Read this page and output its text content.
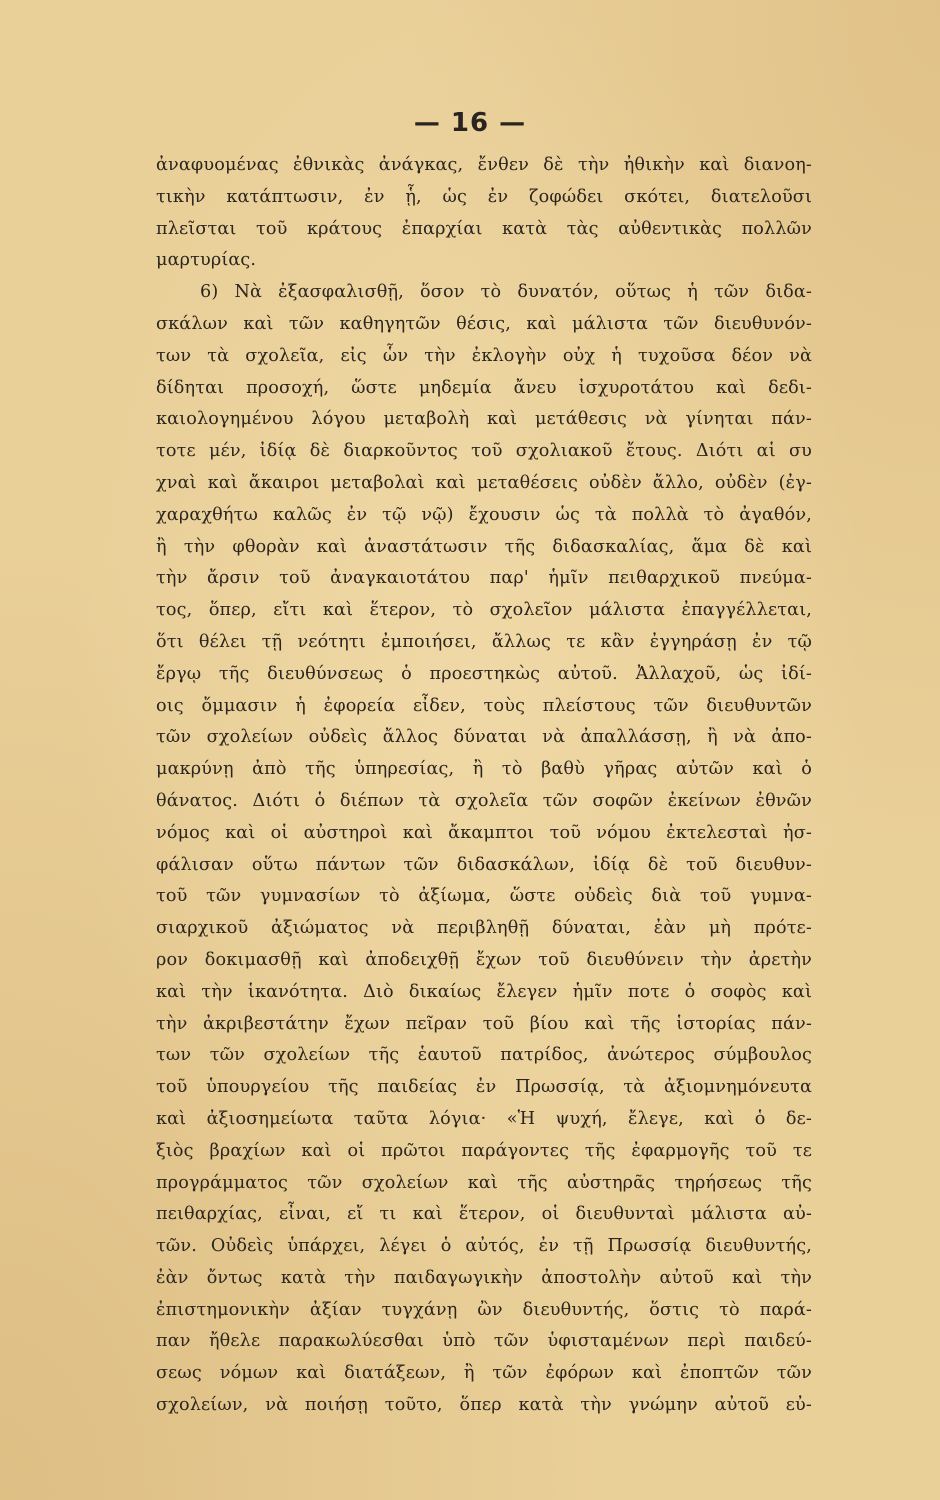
— 16 —
ἀναφυομένας ἐθνικὰς ἀνάγκας, ἔνθεν δὲ τὴν ἠθικὴν καὶ διανοη-
τικὴν κατάπτωσιν, ἐν ᾗ, ὡς ἐν ζοφώδει σκότει, διατελοῦσι
πλεῖσται τοῦ κράτους ἐπαρχίαι κατὰ τὰς αὐθεντικὰς πολλῶν
μαρτυρίας.
6) Νὰ ἐξασφαλισθῇ, ὅσον τὸ δυνατόν, οὕτως ἡ τῶν διδα-
σκάλων καὶ τῶν καθηγητῶν θέσις, καὶ μάλιστα τῶν διευθυνόν-
των τὰ σχολεῖα, εἰς ὧν τὴν ἐκλογὴν οὐχ ἡ τυχοῦσα δέον νὰ
δίδηται προσοχή, ὥστε μηδεμία ἄνευ ἰσχυροτάτου καὶ δεδι-
καιολογημένου λόγου μεταβολὴ καὶ μετάθεσις νὰ γίνηται πάν-
τοτε μέν, ἰδίᾳ δὲ διαρκοῦντος τοῦ σχολιακοῦ ἔτους. Διότι αἱ συ
χναὶ καὶ ἄκαιροι μεταβολαὶ καὶ μεταθέσεις οὐδὲν ἄλλο, οὐδὲν (ἐγ-
χαραχθήτω καλῶς ἐν τῷ νῷ) ἔχουσιν ὡς τὰ πολλὰ τὸ ἀγαθόν,
ἢ τὴν φθορὰν καὶ ἀναστάτωσιν τῆς διδασκαλίας, ἅμα δὲ καὶ
τὴν ἄρσιν τοῦ ἀναγκαιοτάτου παρ' ἡμῖν πειθαρχικοῦ πνεύμα-
τος, ὅπερ, εἴτι καὶ ἕτερον, τὸ σχολεῖον μάλιστα ἐπαγγέλλεται,
ὅτι θέλει τῇ νεότητι ἐμποιήσει, ἄλλως τε κἂν ἐγγηράσῃ ἐν τῷ
ἔργῳ τῆς διευθύνσεως ὁ προεστηκὼς αὐτοῦ. Ἀλλαχοῦ, ὡς ἰδί-
οις ὄμμασιν ἡ ἐφορεία εἶδεν, τοὺς πλείστους τῶν διευθυντῶν
τῶν σχολείων οὐδεὶς ἄλλος δύναται νὰ ἀπαλλάσσῃ, ἢ νὰ ἀπο-
μακρύνῃ ἀπὸ τῆς ὑπηρεσίας, ἢ τὸ βαθὺ γῆρας αὐτῶν καὶ ὁ
θάνατος. Διότι ὁ διέπων τὰ σχολεῖα τῶν σοφῶν ἐκείνων ἐθνῶν
νόμος καὶ οἱ αὐστηροὶ καὶ ἄκαμπτοι τοῦ νόμου ἐκτελεσταὶ ἠσ-
φάλισαν οὕτω πάντων τῶν διδασκάλων, ἰδίᾳ δὲ τοῦ διευθυν-
τοῦ τῶν γυμνασίων τὸ ἀξίωμα, ὥστε οὐδεὶς διὰ τοῦ γυμνα-
σιαρχικοῦ ἀξιώματος νὰ περιβληθῇ δύναται, ἐὰν μὴ πρότε-
ρον δοκιμασθῇ καὶ ἀποδειχθῇ ἔχων τοῦ διευθύνειν τὴν ἀρετὴν
καὶ τὴν ἱκανότητα. Διὸ δικαίως ἔλεγεν ἡμῖν ποτε ὁ σοφὸς καὶ
τὴν ἀκριβεστάτην ἔχων πεῖραν τοῦ βίου καὶ τῆς ἱστορίας πάν-
των τῶν σχολείων τῆς ἑαυτοῦ πατρίδος, ἀνώτερος σύμβουλος
τοῦ ὑπουργείου τῆς παιδείας ἐν Πρωσσίᾳ, τὰ ἀξιομνημόνευτα
καὶ ἀξιοσημείωτα ταῦτα λόγια· «Ἡ ψυχή, ἔλεγε, καὶ ὁ δε-
ξιὸς βραχίων καὶ οἱ πρῶτοι παράγοντες τῆς ἐφαρμογῆς τοῦ τε
προγράμματος τῶν σχολείων καὶ τῆς αὐστηρᾶς τηρήσεως τῆς
πειθαρχίας, εἶναι, εἴ τι καὶ ἕτερον, οἱ διευθυνταὶ μάλιστα αὐ-
τῶν. Οὐδεὶς ὑπάρχει, λέγει ὁ αὐτός, ἐν τῇ Πρωσσίᾳ διευθυντής,
ἐὰν ὄντως κατὰ τὴν παιδαγωγικὴν ἀποστολὴν αὐτοῦ καὶ τὴν
ἐπιστημονικὴν ἀξίαν τυγχάνῃ ὢν διευθυντής, ὅστις τὸ παρά-
παν ἤθελε παρακωλύεσθαι ὑπὸ τῶν ὑφισταμένων περὶ παιδεύ-
σεως νόμων καὶ διατάξεων, ἢ τῶν ἐφόρων καὶ ἐποπτῶν τῶν
σχολείων, νὰ ποιήσῃ τοῦτο, ὅπερ κατὰ τὴν γνώμην αὐτοῦ εὐ-
